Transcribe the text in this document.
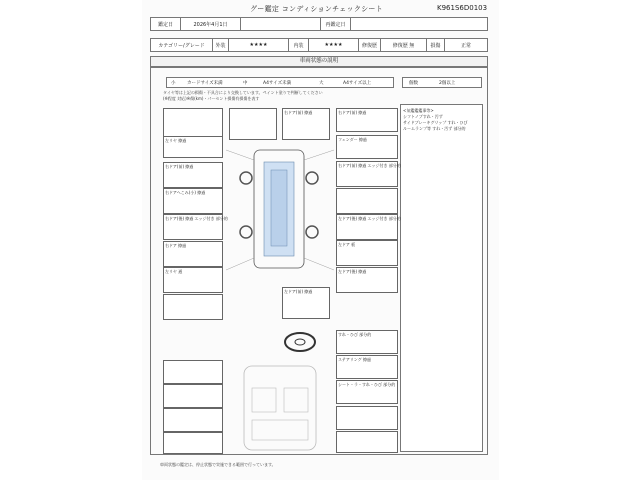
グー鑑定 コンディションチェックシート	K961S6D0103
鑑定日	2026年4月1日	再鑑定日
カテゴリー/グレード	外装	★★★★	内装	★★★★	修復歴	修復歴 無	損傷	正常
車両状態の説明
小	カードサイズ未満	中	A4サイズ未満	大	A4サイズ以上	個数	2個以上
タイヤ等は上記の損傷・不具合により交換しています。ペイント塗りで判断してください
(※程度 対応)※傷(km)・パーセント損傷有損傷を表す
<気鑑鑑鑑事等>
シフトノブすれ・汚ず
サイドブレーキグリップ すれ・ひび
ルームランプ等 すれ・汚ず 部分的
左リヤ 擦過
右ドア(前) 擦過
右ドアへこみ(小) 擦過
右ドア(後) 擦過 エッジ付き 部分的
右ドア 擦過
左リヤ 通
右ドア(前) 擦過	右ドア(前) 擦過
フェンダー 擦過
右ドア(前) 擦過 エッジ付き 部分的
左ドア(後) 擦過 エッジ付き 部分的
左ドア 板
左ドア(後) 擦過
左ドア(前) 擦過
すれ・ひび 部分的
ステアリング 擦過
シート・ラ・すれ・ひび 部分的
車両状態の鑑定は、停止状態で実施できる範囲で行っています。
